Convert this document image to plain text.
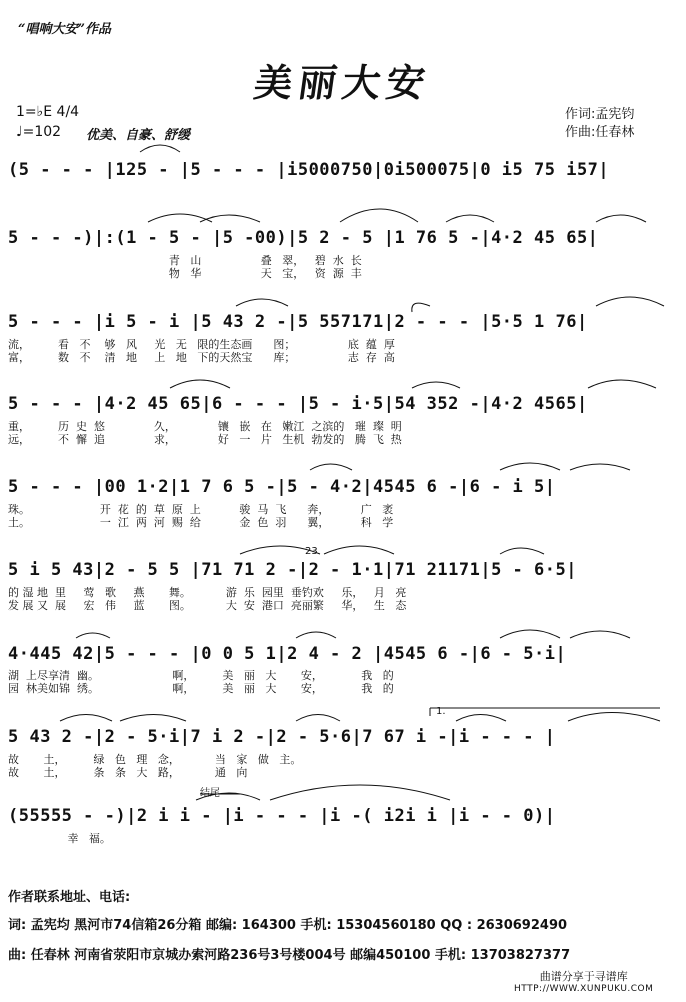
“唱响大安”作品
美丽大安
1=♭E 4/4
♩=102	优美、自豪、舒缓
作词:孟宪钧
作曲:任春林
(5 - - - |125 - |5 - - - |i5000750|0i500075|0 i5 75 i57|
5 - - -)|:(1 - 5 - |5 -00)|5 2 - 5 |1 76 5 -|4·2 45 65|
青   山                 叠   翠，   碧  水  长
物   华                 天   宝，   资  源  丰
5 - - - |i 5 - i |5 43 2 -|5 557171|2 - - - |5·5 1 76|
流，        看   不    够   风     光   无   限的生态画      图；               底  蕴  厚
富，        数   不    清   地     上   地   下的天然宝      库；               志  存  高
5 - - - |4·2 45 65|6 - - - |5 - i·5|54 352 -|4·2 4565|
重，        历  史  悠              久，            镶   嵌   在   嫩江  之滨的   璀  璨  明
远，        不  懈  追              求，            好   一   片   生机  勃发的   腾  飞  热
5 - - - |00 1·2|1 7 6 5 -|5 - 4·2|4545 6 -|6 - i 5|
珠。                    开  花  的  草  原  上           骏  马  飞      奔，         广   袤
土。                    一  江  两  河  赐  给           金  色  羽      翼，         科   学
23
5 i 5 43|2 - 5 5 |71 71 2 -|2 - 1·1|71 21171|5 - 6·5|
的 湿 地  里     莺   歌     燕       舞。          游  乐  园里  垂钓欢     乐，   月   亮
发 展 又  展     宏   伟     蓝       图。          大  安  港口  亮丽繁     华，   生   态
4·445 42|5 - - - |0 0 5 1|2 4 - 2 |4545 6 -|6 - 5·i|
湖  上尽享清  幽。                     啊，        美   丽   大       安，           我   的
园  林美如锦  绣。                     啊，        美   丽   大       安，           我   的
1.
5 43 2 -|2 - 5·i|7 i 2 -|2 - 5·6|7 67 i -|i - - - |
故       土，        绿   色   理   念，          当   家   做   主。
故       土，        条   条   大   路，          通   向
结尾
(55555 - -)|2 i i - |i - - - |i -( i2i i |i - - 0)|
幸   福。
作者联系地址、电话:
词: 孟宪均 黑河市74信箱26分箱 邮编: 164300 手机: 15304560180 QQ : 2630692490
曲: 任春林 河南省荥阳市京城办索河路236号3号楼004号 邮编450100 手机: 13703827377
曲谱分享于寻谱库
HTTP://WWW.XUNPUKU.COM
